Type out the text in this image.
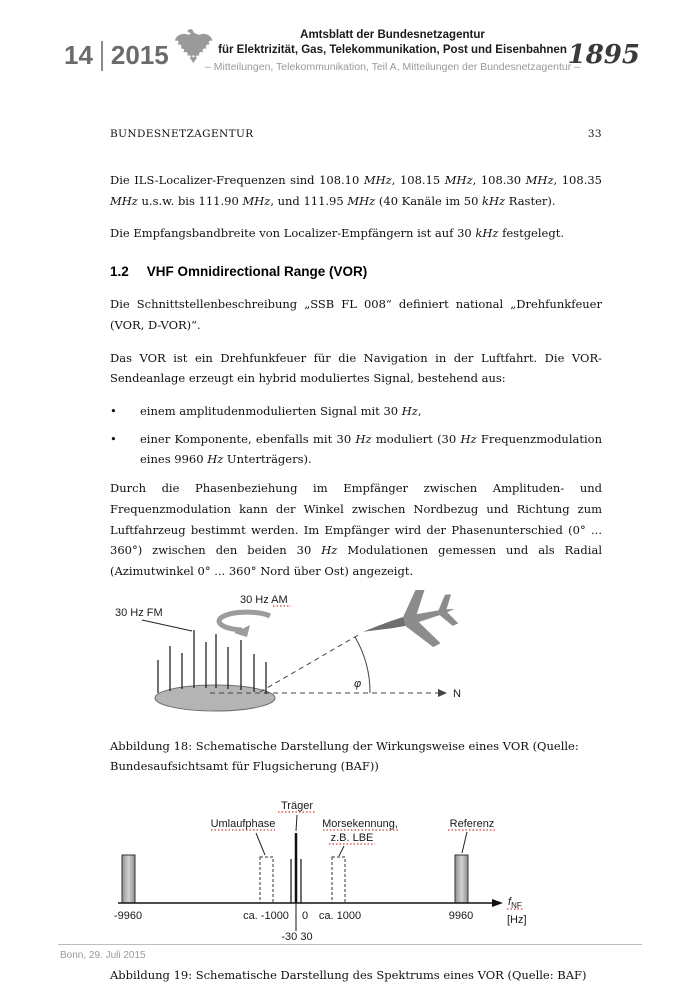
14 2015
Amtsblatt der Bundesnetzagentur
für Elektrizität, Gas, Telekommunikation, Post und Eisenbahnen
– Mitteilungen, Telekommunikation, Teil A, Mitteilungen der Bundesnetzagentur –
1895
BUNDESNETZAGENTUR	33

Die ILS-Localizer-Frequenzen sind 108.10 MHz, 108.15 MHz, 108.30 MHz, 108.35 MHz u.s.w. bis 111.90 MHz, und 111.95 MHz (40 Kanäle im 50 kHz Raster).

Die Empfangsbandbreite von Localizer-Empfängern ist auf 30 kHz festgelegt.

1.2 VHF Omnidirectional Range (VOR)

Die Schnittstellenbeschreibung „SSB FL 008“ definiert national „Drehfunkfeuer (VOR, D-VOR)“.

Das VOR ist ein Drehfunkfeuer für die Navigation in der Luftfahrt. Die VOR-Sendeanlage erzeugt ein hybrid moduliertes Signal, bestehend aus:

•	einem amplitudenmodulierten Signal mit 30 Hz,
•	einer Komponente, ebenfalls mit 30 Hz moduliert (30 Hz Frequenzmodulation eines 9960 Hz Unterträgers).

Durch die Phasenbeziehung im Empfänger zwischen Amplituden- und Frequenzmodulation kann der Winkel zwischen Nordbezug und Richtung zum Luftfahrzeug bestimmt werden. Im Empfänger wird der Phasenunterschied (0° ... 360°) zwischen den beiden 30 Hz Modulationen gemessen und als Radial (Azimutwinkel 0° ... 360° Nord über Ost) angezeigt.

N
φ
30 Hz FM
30 Hz AM

Abbildung 18: Schematische Darstellung der Wirkungsweise eines VOR (Quelle: Bundesaufsichtsamt für Flugsicherung (BAF))

Umlaufphase
Träger
Morsekennung,
z.B. LBE
Referenz
$f_{NF}$
[Hz]
-9960	ca. -1000 0 ca. 1000	9960
-30 30

Abbildung 19: Schematische Darstellung des Spektrums eines VOR (Quelle: BAF)

Bonn, 29. Juli 2015
